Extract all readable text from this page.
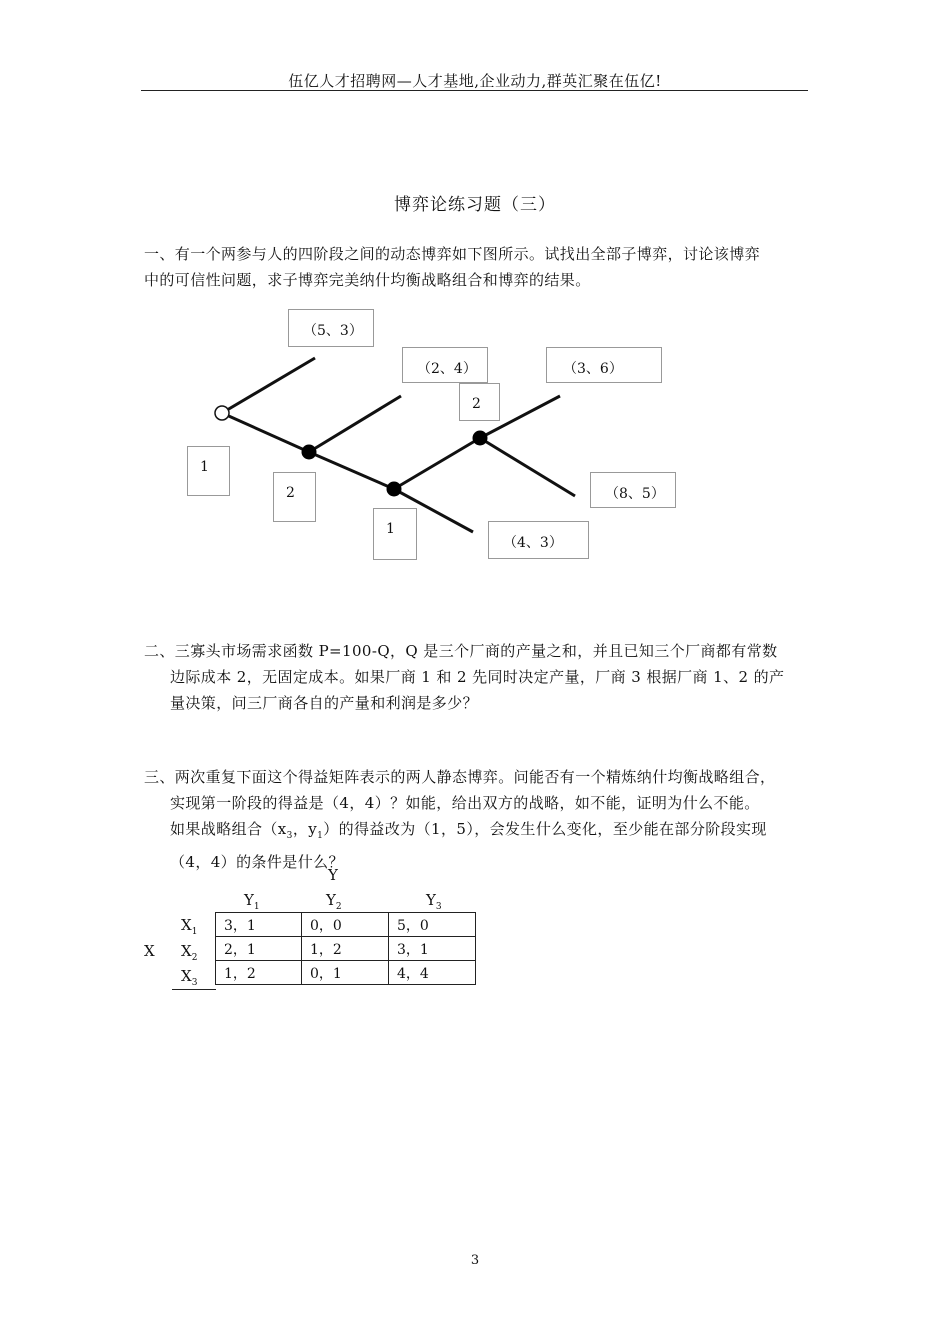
伍亿人才招聘网—人才基地,企业动力,群英汇聚在伍亿!
博弈论练习题（三）
一、有一个两参与人的四阶段之间的动态博弈如下图所示。试找出全部子博弈，讨论该博弈
中的可信性问题，求子博弈完美纳什均衡战略组合和博弈的结果。
（5、3）
（2、4）	（3、6）
（8、5）
（4、3）
2
1
2
1
二、三寡头市场需求函数 P=100-Q，Q 是三个厂商的产量之和，并且已知三个厂商都有常数
边际成本 2，无固定成本。如果厂商 1 和 2 先同时决定产量，厂商 3 根据厂商 1、2 的产
量决策，问三厂商各自的产量和利润是多少？
三、两次重复下面这个得益矩阵表示的两人静态博弈。问能否有一个精炼纳什均衡战略组合，
实现第一阶段的得益是（4，4）？如能，给出双方的战略，如不能，证明为什么不能。
如果战略组合（$x_3$，$y_1$）的得益改为（1，5），会发生什么变化，至少能在部分阶段实现
（4，4）的条件是什么？
Y
$Y_1$	$Y_2$	$Y_3$
X
$X_1$
$X_2$
$X_3$
3，1	0，0	5，0
2，1	1，2	3，1
1，2	0，1	4，4
3
